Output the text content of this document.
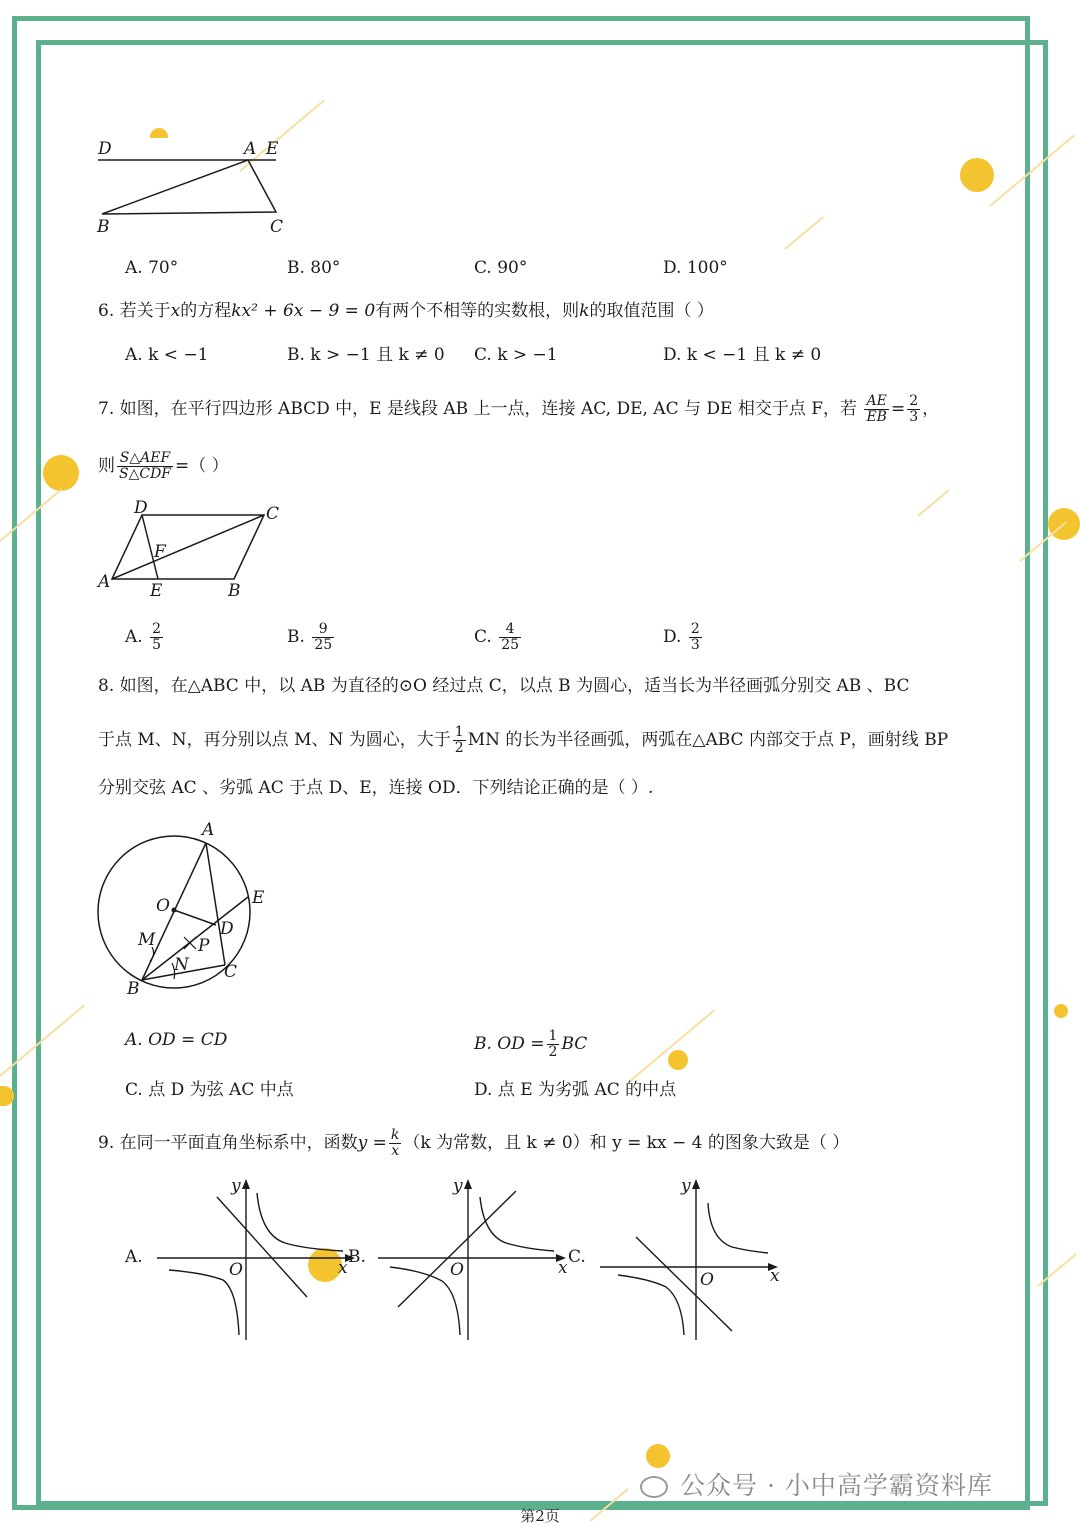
D	A E
B	C
A. 70°	B. 80°	C. 90°	D. 100°
6. 若关于x的方程kx² + 6x − 9 = 0有两个不相等的实数根，则k的取值范围（ ）
A. k < −1	B. k > −1 且 k ≠ 0 C. k > −1	D. k < −1 且 k ≠ 0
7. 如图，在平行四边形 ABCD 中，E 是线段 AB 上一点，连接 AC, DE, AC 与 DE 相交于点 F，若 $\frac{AE}{EB} = \frac{2}{3}$ ，
则 $\frac{\text{S△AEF}}{\text{S△CDF}}$ =（ ）
D	C
F
A E	B
A. $\frac{2}{5}$	B. $\frac{9}{25}$	C. $\frac{4}{25}$	D. $\frac{2}{3}$
8. 如图，在△ABC 中，以 AB 为直径的⊙O 经过点 C，以点 B 为圆心，适当长为半径画弧分别交 AB 、BC
于点 M、N，再分别以点 M、N 为圆心，大于 $\frac{1}{2}$ MN 的长为半径画弧，两弧在△ABC 内部交于点 P，画射线 BP
分别交弦 AC 、劣弧 AC 于点 D、E，连接 OD．下列结论正确的是（ ）.
A
E
O
D
M	P
N C
B
A. OD = CD	B. OD = $\frac{1}{2}$ BC
C. 点 D 为弦 AC 中点	D. 点 E 为劣弧 AC 的中点
9. 在同一平面直角坐标系中，函数$y = \frac{k}{x} (k$ 为常数，且 k ≠ 0）和 y = kx − 4 的图象大致是（ ）
A.
y
x
O
B.
y
x
O
C.
y
x
O
公众号 · 小中高学霸资料库
第2页
